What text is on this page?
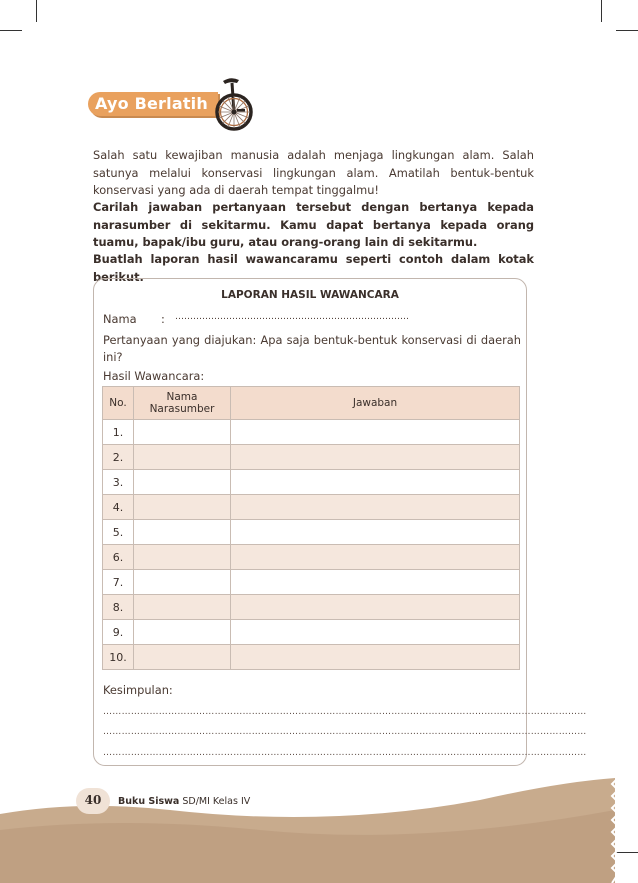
Ayo Berlatih

Salah satu kewajiban manusia adalah menjaga lingkungan alam. Salah satunya melalui konservasi lingkungan alam. Amatilah bentuk-bentuk konservasi yang ada di daerah tempat tinggalmu!

Carilah jawaban pertanyaan tersebut dengan bertanya kepada narasumber di sekitarmu. Kamu dapat bertanya kepada orang tuamu, bapak/ibu guru, atau orang-orang lain di sekitarmu.

Buatlah laporan hasil wawancaramu seperti contoh dalam kotak berikut.

LAPORAN HASIL WAWANCARA
Nama : ……………………………………………………………………
Pertanyaan yang diajukan: Apa saja bentuk-bentuk konservasi di daerah ini?
Hasil Wawancara:
No.	Nama Narasumber	Jawaban
1.		
2.		
3.		
4.		
5.		
6.		
7.		
8.		
9.		
10.		
Kesimpulan:
…………………………………………………………………………………………………………………………………………
…………………………………………………………………………………………………………………………………………
…………………………………………………………………………………………………………………………………………
40	Buku Siswa SD/MI Kelas IV
